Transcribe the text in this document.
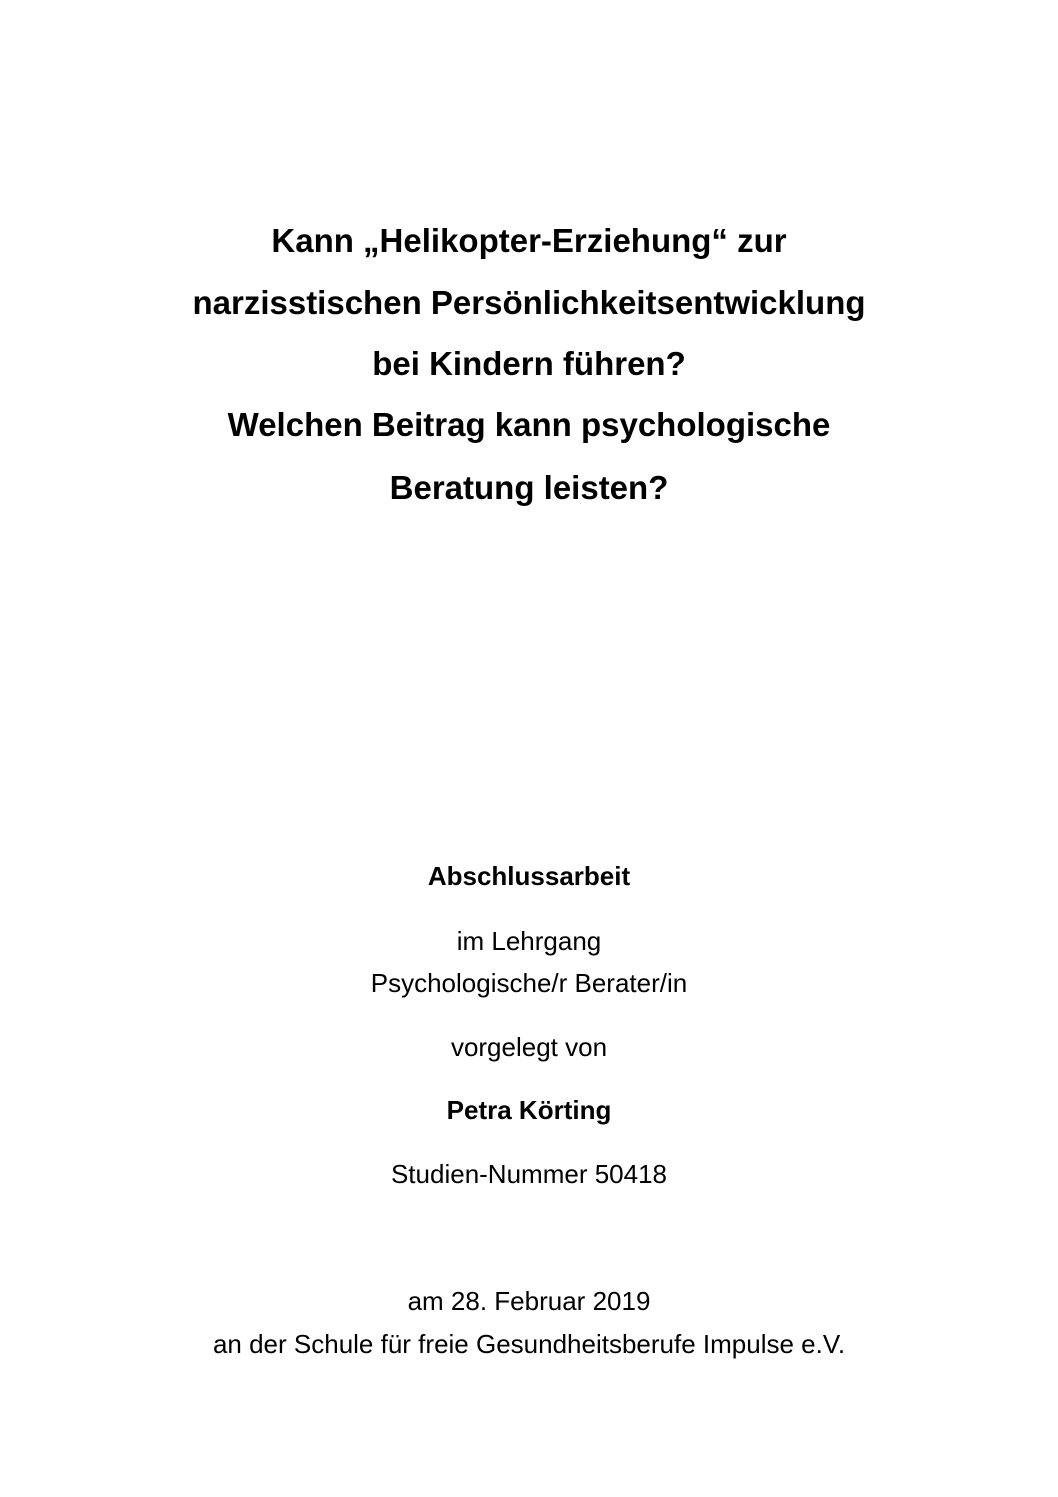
Kann „Helikopter-Erziehung“ zur
narzisstischen Persönlichkeitsentwicklung
bei Kindern führen?
Welchen Beitrag kann psychologische
Beratung leisten?
Abschlussarbeit
im Lehrgang
Psychologische/r Berater/in
vorgelegt von
Petra Körting
Studien-Nummer 50418
am 28. Februar 2019
an der Schule für freie Gesundheitsberufe Impulse e.V.
